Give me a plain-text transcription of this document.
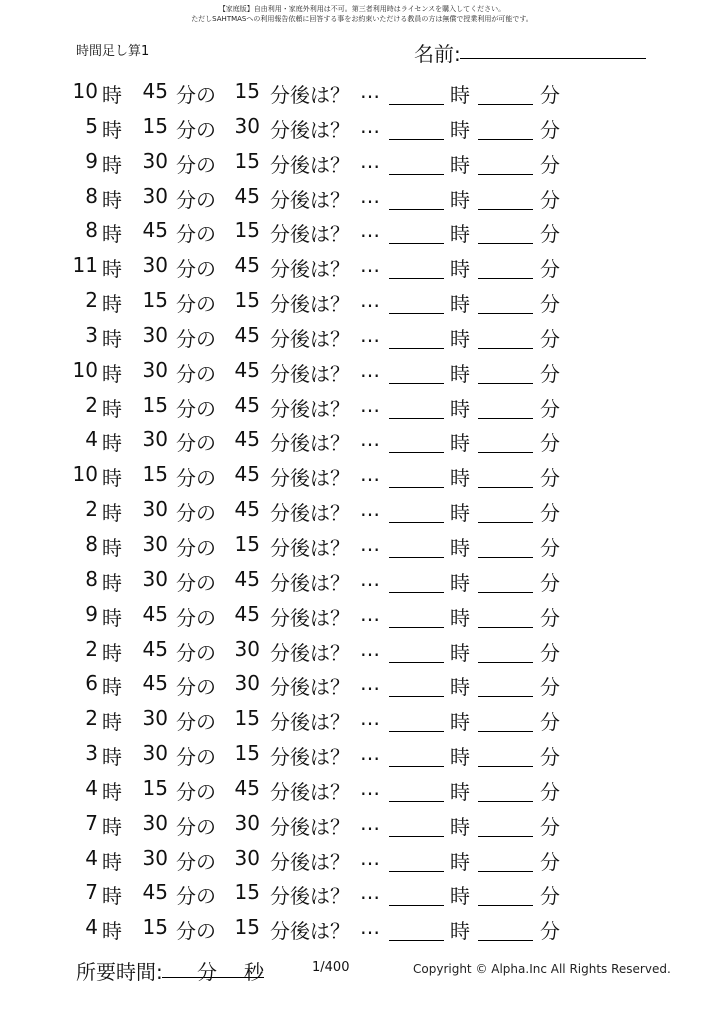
【家庭版】自由利用・家庭外利用は不可。第三者利用時はライセンスを購入してください。
ただしSAHTMASへの利用報告依頼に回答する事をお約束いただける教員の方は無償で授業利用が可能です。
時間足し算1	名前:
10 時 45 分の 15 分後は？ …	時	分
5 時 15 分の 30 分後は？ …	時	分
9 時 30 分の 15 分後は？ …	時	分
8 時 30 分の 45 分後は？ …	時	分
8 時 45 分の 15 分後は？ …	時	分
11 時 30 分の 45 分後は？ …	時	分
2 時 15 分の 15 分後は？ …	時	分
3 時 30 分の 45 分後は？ …	時	分
10 時 30 分の 45 分後は？ …	時	分
2 時 15 分の 45 分後は？ …	時	分
4 時 30 分の 45 分後は？ …	時	分
10 時 15 分の 45 分後は？ …	時	分
2 時 30 分の 45 分後は？ …	時	分
8 時 30 分の 15 分後は？ …	時	分
8 時 30 分の 45 分後は？ …	時	分
9 時 45 分の 45 分後は？ …	時	分
2 時 45 分の 30 分後は？ …	時	分
6 時 45 分の 30 分後は？ …	時	分
2 時 30 分の 15 分後は？ …	時	分
3 時 30 分の 15 分後は？ …	時	分
4 時 15 分の 45 分後は？ …	時	分
7 時 30 分の 30 分後は？ …	時	分
4 時 30 分の 30 分後は？ …	時	分
7 時 45 分の 15 分後は？ …	時	分
4 時 15 分の 15 分後は？ …	時	分
所要時間: 分 秒	1/400	Copyright © Alpha.Inc All Rights Reserved.
